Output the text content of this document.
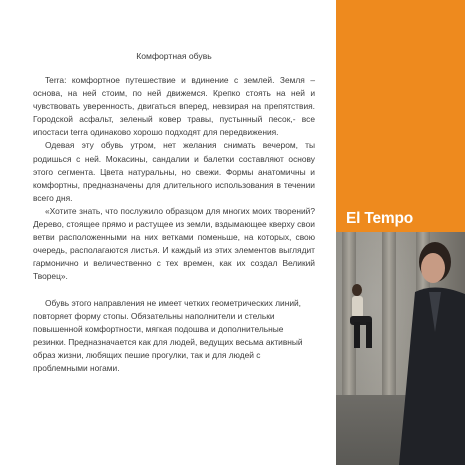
Комфортная обувь

Terra: комфортное путешествие и вдинение с землей. Земля – основа, на ней стоим, по ней движемся. Крепко стоять на ней и чувствовать уверенность, двигаться вперед, невзирая на препятствия. Городской асфальт, зеленый ковер травы, пустынный песок,- все ипостаси terra одинаково хорошо подходят для передвижения.

Одевая эту обувь утром, нет желания снимать вечером, ты родишься с ней. Мокасины, сандалии и балетки составляют основу этого сегмента. Цвета натуральны, но свежи. Формы анатомичны и комфортны, предназначены для длительного использования в течении всего дня.

«Хотите знать, что послужило образцом для многих моих творений? Дерево, стоящее прямо и растущее из земли, вздымающее кверху свои ветви расположенными на них ветками поменьше, на которых, свою очередь, располагаются листья. И каждый из этих элементов выглядит гармонично и величественно с тех времен, как их создал Великий Творец».

Обувь этого направления не имеет четких геометрических линий, повторяет форму стопы. Обязательны наполнители и стельки повышенной комфортности, мягкая подошва и дополнительные резинки. Предназначается как для людей, ведущих весьма активный образ жизни, любящих пешие прогулки, так и для людей с проблемными ногами.

El Tempo
